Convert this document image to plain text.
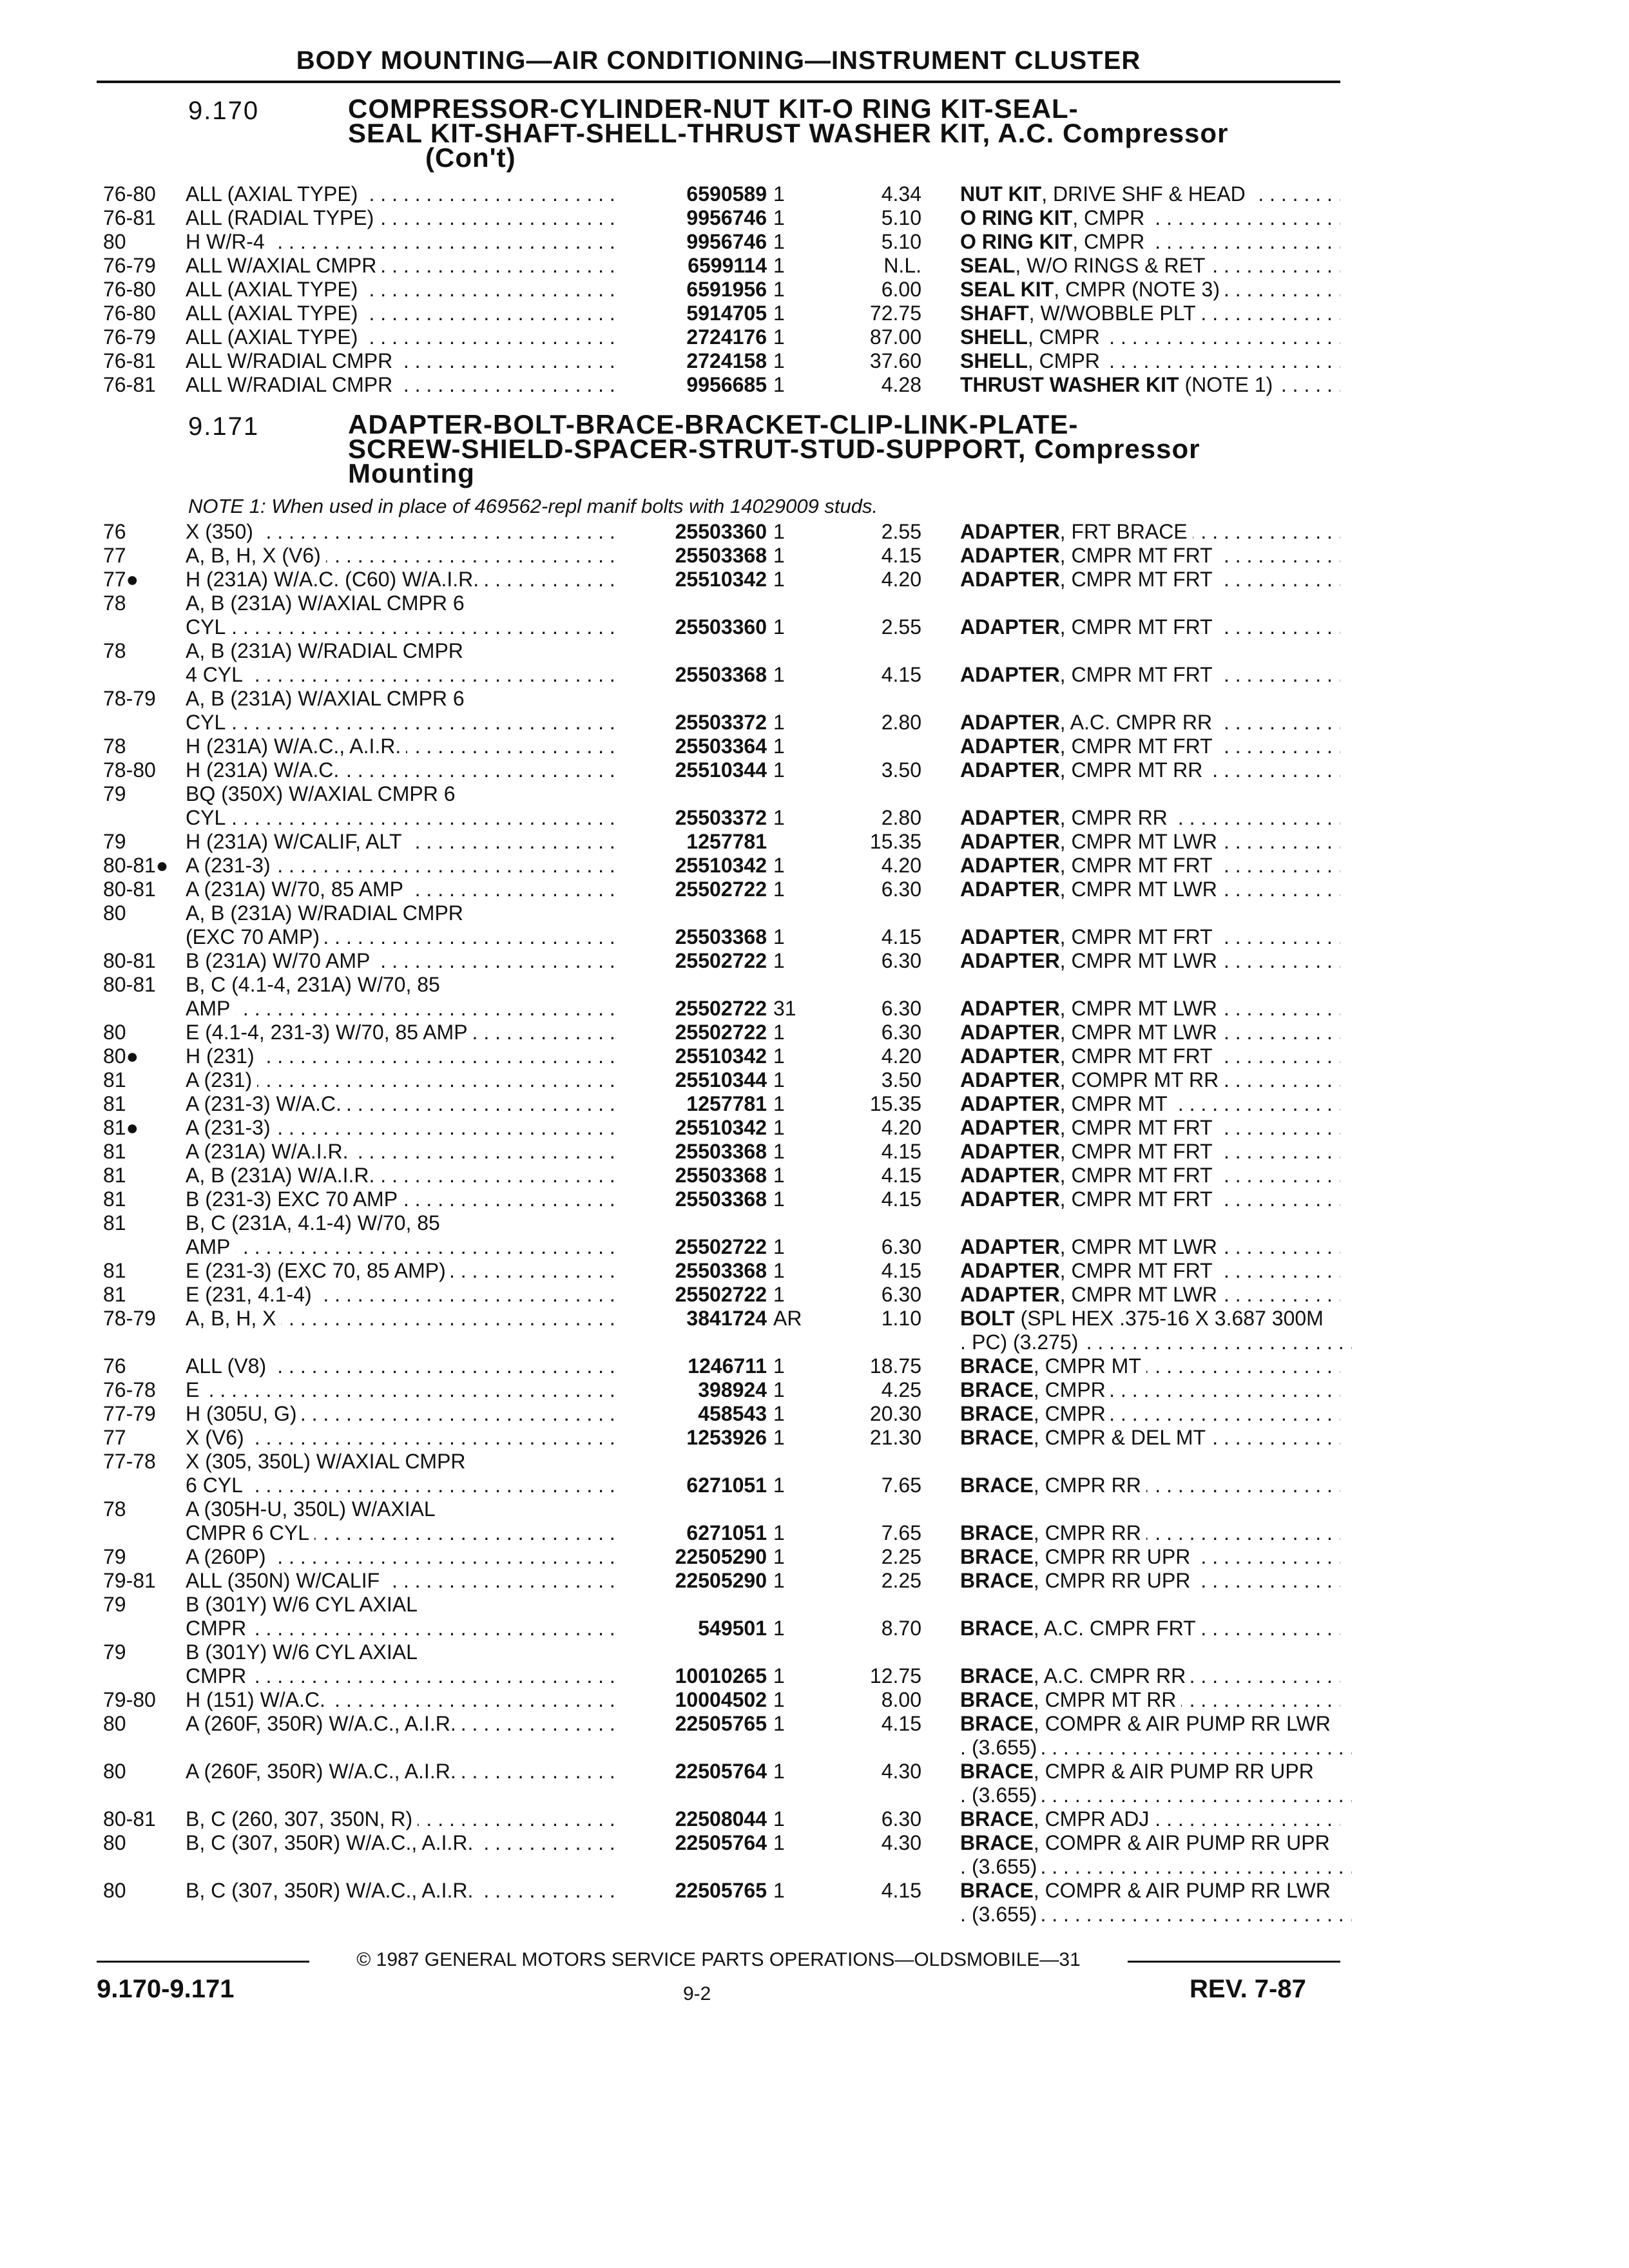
BODY MOUNTING—AIR CONDITIONING—INSTRUMENT CLUSTER
9.170	COMPRESSOR-CYLINDER-NUT KIT-O RING KIT-SEAL-
SEAL KIT-SHAFT-SHELL-THRUST WASHER KIT, A.C. Compressor
(Con't)
76-80 ALL (AXIAL TYPE) . . .	6590589 1	4.34 NUT KIT, DRIVE SHF & HEAD . . .
76-81 ALL (RADIAL TYPE) . . .	9956746 1	5.10 O RING KIT, CMPR . . .
80	H W/R-4 . . .	9956746 1	5.10 O RING KIT, CMPR . . .
76-79 ALL W/AXIAL CMPR . . .	6599114 1	N.L. SEAL, W/O RINGS & RET . . .
76-80 ALL (AXIAL TYPE) . . .	6591956 1	6.00 SEAL KIT, CMPR (NOTE 3) . . .
76-80 ALL (AXIAL TYPE) . . .	5914705 1	72.75 SHAFT, W/WOBBLE PLT . . .
76-79 ALL (AXIAL TYPE) . . .	2724176 1	87.00 SHELL, CMPR . . .
76-81 ALL W/RADIAL CMPR . . .	2724158 1	37.60 SHELL, CMPR . . .
76-81 ALL W/RADIAL CMPR . . .	9956685 1	4.28 THRUST WASHER KIT (NOTE 1) . . .
9.171	ADAPTER-BOLT-BRACE-BRACKET-CLIP-LINK-PLATE-
SCREW-SHIELD-SPACER-STRUT-STUD-SUPPORT, Compressor
Mounting
NOTE 1: When used in place of 469562-repl manif bolts with 14029009 studs.
76	X (350) . . .	25503360 1	2.55 ADAPTER, FRT BRACE . . .
77	A, B, H, X (V6) . . .	25503368 1	4.15 ADAPTER, CMPR MT FRT . . .
77● H (231A) W/A.C. (C60) W/A.I.R. . . .	25510342 1	4.20 ADAPTER, CMPR MT FRT . . .
78	A, B (231A) W/AXIAL CMPR 6
CYL . . .	25503360 1	2.55 ADAPTER, CMPR MT FRT . . .
78	A, B (231A) W/RADIAL CMPR
4 CYL . . .	25503368 1	4.15 ADAPTER, CMPR MT FRT . . .
78-79 A, B (231A) W/AXIAL CMPR 6
CYL . . .	25503372 1	2.80 ADAPTER, A.C. CMPR RR . . .
78	H (231A) W/A.C., A.I.R. . . .	25503364 1	ADAPTER, CMPR MT FRT . . .
78-80 H (231A) W/A.C. . . .	25510344 1	3.50 ADAPTER, CMPR MT RR . . .
79	BQ (350X) W/AXIAL CMPR 6
CYL . . .	25503372 1	2.80 ADAPTER, CMPR RR . . .
79	H (231A) W/CALIF, ALT . . .	1257781	15.35 ADAPTER, CMPR MT LWR . . .
80-81● A (231-3) . . .	25510342 1	4.20 ADAPTER, CMPR MT FRT . . .
80-81 A (231A) W/70, 85 AMP . . .	25502722 1	6.30 ADAPTER, CMPR MT LWR . . .
80	A, B (231A) W/RADIAL CMPR
(EXC 70 AMP) . . .	25503368 1	4.15 ADAPTER, CMPR MT FRT . . .
80-81 B (231A) W/70 AMP . . .	25502722 1	6.30 ADAPTER, CMPR MT LWR . . .
80-81 B, C (4.1-4, 231A) W/70, 85
AMP . . .	25502722 31	6.30 ADAPTER, CMPR MT LWR . . .
80	E (4.1-4, 231-3) W/70, 85 AMP . . .	25502722 1	6.30 ADAPTER, CMPR MT LWR . . .
80● H (231) . . .	25510342 1	4.20 ADAPTER, CMPR MT FRT . . .
81	A (231) . . .	25510344 1	3.50 ADAPTER, COMPR MT RR . . .
81	A (231-3) W/A.C. . . .	1257781 1	15.35 ADAPTER, CMPR MT . . .
81● A (231-3) . . .	25510342 1	4.20 ADAPTER, CMPR MT FRT . . .
81	A (231A) W/A.I.R. . . .	25503368 1	4.15 ADAPTER, CMPR MT FRT . . .
81	A, B (231A) W/A.I.R. . . .	25503368 1	4.15 ADAPTER, CMPR MT FRT . . .
81	B (231-3) EXC 70 AMP . . .	25503368 1	4.15 ADAPTER, CMPR MT FRT . . .
81	B, C (231A, 4.1-4) W/70, 85
AMP . . .	25502722 1	6.30 ADAPTER, CMPR MT LWR . . .
81	E (231-3) (EXC 70, 85 AMP) . . .	25503368 1	4.15 ADAPTER, CMPR MT FRT . . .
81	E (231, 4.1-4) . . .	25502722 1	6.30 ADAPTER, CMPR MT LWR . . .
78-79 A, B, H, X . . .	3841724 AR	1.10 BOLT (SPL HEX .375-16 X 3.687 300M
PC) (3.275) . . .
76	ALL (V8) . . .	1246711 1	18.75 BRACE, CMPR MT . . .
76-78 E . . .	398924 1	4.25 BRACE, CMPR . . .
77-79 H (305U, G) . . .	458543 1	20.30 BRACE, CMPR . . .
77	X (V6) . . .	1253926 1	21.30 BRACE, CMPR & DEL MT . . .
77-78 X (305, 350L) W/AXIAL CMPR
6 CYL . . .	6271051 1	7.65 BRACE, CMPR RR . . .
78	A (305H-U, 350L) W/AXIAL
CMPR 6 CYL . . .	6271051 1	7.65 BRACE, CMPR RR . . .
79	A (260P) . . .	22505290 1	2.25 BRACE, CMPR RR UPR . . .
79-81 ALL (350N) W/CALIF . . .	22505290 1	2.25 BRACE, CMPR RR UPR . . .
79	B (301Y) W/6 CYL AXIAL
CMPR . . .	549501 1	8.70 BRACE, A.C. CMPR FRT . . .
79	B (301Y) W/6 CYL AXIAL
CMPR . . .	10010265 1	12.75 BRACE, A.C. CMPR RR . . .
79-80 H (151) W/A.C. . . .	10004502 1	8.00 BRACE, CMPR MT RR . . .
80	A (260F, 350R) W/A.C., A.I.R. . . .	22505765 1	4.15 BRACE, COMPR & AIR PUMP RR LWR
(3.655) . . .
80	A (260F, 350R) W/A.C., A.I.R. . . .	22505764 1	4.30 BRACE, CMPR & AIR PUMP RR UPR
(3.655) . . .
80-81 B, C (260, 307, 350N, R) . . .	22508044 1	6.30 BRACE, CMPR ADJ . . .
80	B, C (307, 350R) W/A.C., A.I.R. . . .	22505764 1	4.30 BRACE, COMPR & AIR PUMP RR UPR
(3.655) . . .
80	B, C (307, 350R) W/A.C., A.I.R. . . .	22505765 1	4.15 BRACE, COMPR & AIR PUMP RR LWR
(3.655) . . .
© 1987 GENERAL MOTORS SERVICE PARTS OPERATIONS—OLDSMOBILE—31
9.170-9.171	9-2	REV. 7-87
